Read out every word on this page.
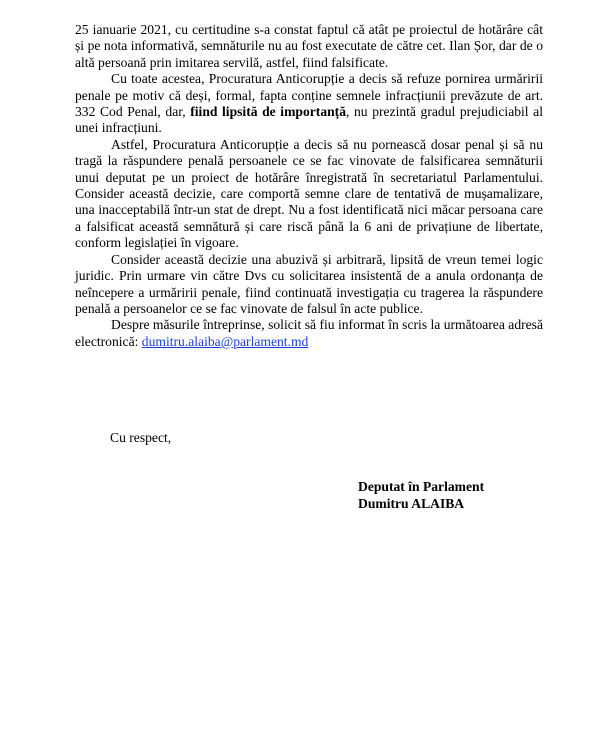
25 ianuarie 2021, cu certitudine s-a constat faptul că atât pe proiectul de hotărâre cât și pe nota informativă, semnăturile nu au fost executate de către cet. Ilan Șor, dar de o altă persoană prin imitarea servilă, astfel, fiind falsificate.

Cu toate acestea, Procuratura Anticorupție a decis să refuze pornirea urmăririi penale pe motiv că deși, formal, fapta conține semnele infracțiunii prevăzute de art. 332 Cod Penal, dar, fiind lipsită de importanță, nu prezintă gradul prejudiciabil al unei infracțiuni.

Astfel, Procuratura Anticorupție a decis să nu pornească dosar penal și să nu tragă la răspundere penală persoanele ce se fac vinovate de falsificarea semnăturii unui deputat pe un proiect de hotărâre înregistrată în secretariatul Parlamentului. Consider această decizie, care comportă semne clare de tentativă de mușamalizare, una inacceptabilă într-un stat de drept. Nu a fost identificată nici măcar persoana care a falsificat această semnătură și care riscă până la 6 ani de privațiune de libertate, conform legislației în vigoare.

Consider această decizie una abuzivă și arbitrară, lipsită de vreun temei logic juridic. Prin urmare vin către Dvs cu solicitarea insistentă de a anula ordonanța de neîncepere a urmăririi penale, fiind continuată investigația cu tragerea la răspundere penală a persoanelor ce se fac vinovate de falsul în acte publice.

Despre măsurile întreprinse, solicit să fiu informat în scris la următoarea adresă electronică: dumitru.alaiba@parlament.md

Cu respect,
Deputat în Parlament
Dumitru ALAIBA
